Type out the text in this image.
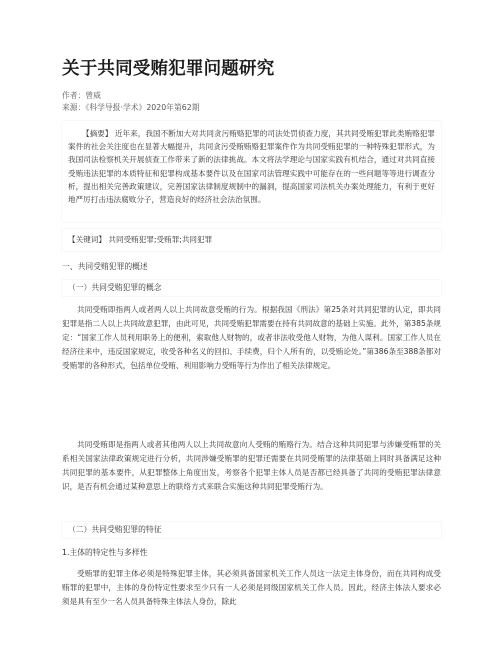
关于共同受贿犯罪问题研究
作者：曾威
来源：《科学导报·学术》2020年第62期
【摘要】 近年来，我国不断加大对共同贪污贿赂犯罪的司法处罚侦查力度，其共同受贿犯罪此类贿赂犯罪案件的社会关注度也在显著大幅提升，共同贪污受贿贿赂犯罪案件作为共同受贿犯罪的一种特殊犯罪形式，为我国司法检察机关开展侦查工作带来了新的法律挑战。本文将法学理论与国家实践有机结合，通过对共同直接受贿违法犯罪的本质特征和犯罪构成基本要件以及在国家司法管理实践中可能存在的一些问题等等进行调查分析，提出相关完善政策建议，完善国家法律制度规制中的漏洞，提高国家司法机关办案处理能力，有利于更好地严厉打击违法腐败分子，营造良好的经济社会法治氛围。
【关键词】 共同受贿犯罪;受贿罪;共同犯罪
一、共同受贿犯罪的概述
（一）共同受贿犯罪的概念
共同受贿即指两人或者两人以上共同故意受贿的行为。根据我国《刑法》第25条对共同犯罪的认定，即共同犯罪是指二人以上共同故意犯罪，由此可见，共同受贿犯罪需要在持有共同故意的基础上实施。此外，第385条规定：“国家工作人员利用职务上的便利，索取他人财物的，或者非法收受他人财物，为他人谋利。国家工作人员在经济往来中，违反国家规定，收受各种名义的回扣、手续费，归个人所有的，以受贿论处。”第386条至388条都对受贿罪的各种形式，包括单位受贿、利用影响力受贿等行为作出了相关法律规定。
共同受贿即是指两人或者其他两人以上共同故意向人受贿的贿赂行为。结合这种共同犯罪与涉嫌受贿罪的关系相关国家法律政策规定进行分析，共同涉嫌受贿罪的犯罪还需要在共同受贿罪的法律基础上同时具备满足这种共同犯罪的基本要件，从犯罪整体上角度出发，考察各个犯罪主体人员是否都已经具备了共同的受贿犯罪法律意识，是否有机会通过某种意思上的联络方式来联合实施这种共同犯罪受贿行为。
（二）共同受贿犯罪的特征
1.主体的特定性与多样性
受贿罪的犯罪主体必须是特殊犯罪主体，其必须具备国家机关工作人员这一法定主体身份，而在共同构成受贿罪的犯罪中，主体的身份特定性要求至少只有一人必须是同级国家机关工作人员。因此，经济主体法人要求必须是具有至少一名人员具备特殊主体法人身份，除此
